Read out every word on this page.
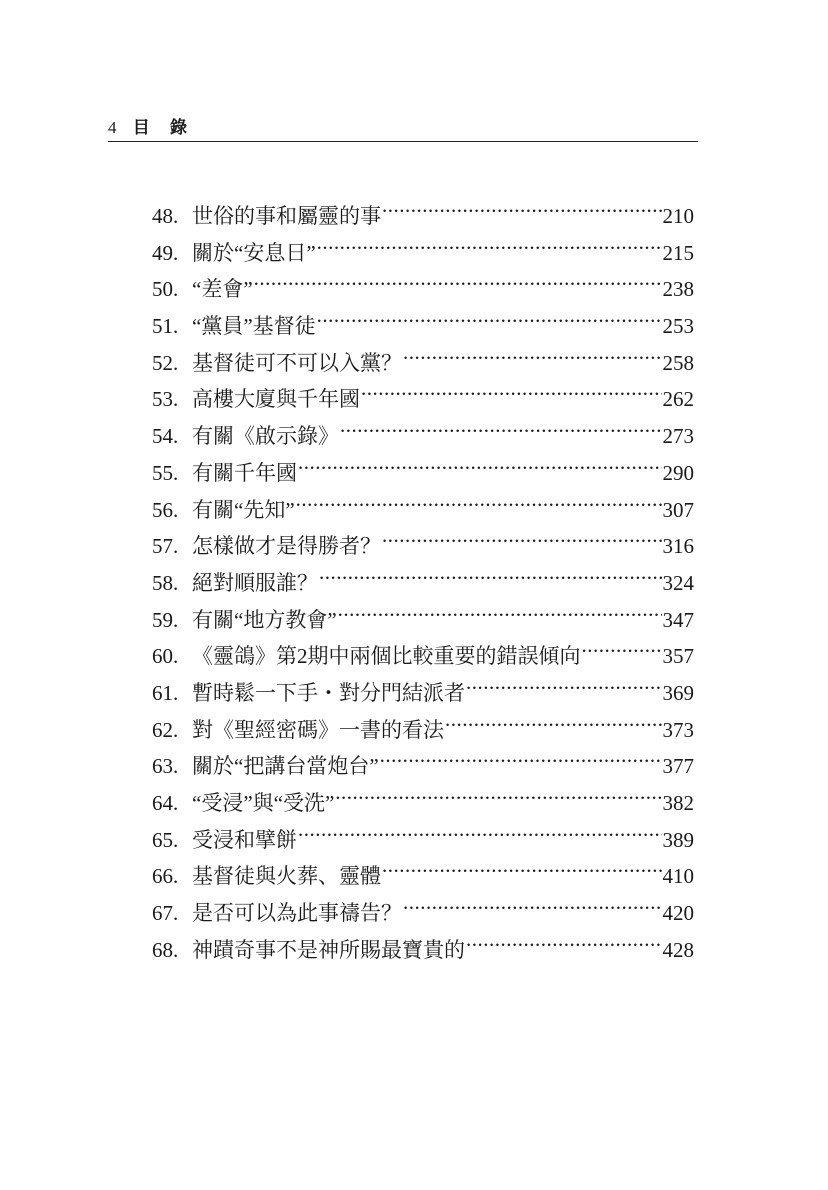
4 目 錄
48. 世俗的事和屬靈的事 .....	210
49. 關於“安息日” .....	215
50. “差會” .....	238
51. “黨員”基督徒 .....	253
52. 基督徒可不可以入黨？ .....	258
53. 高樓大廈與千年國 .....	262
54. 有關《啟示錄》 .....	273
55. 有關千年國 .....	290
56. 有關“先知” .....	307
57. 怎樣做才是得勝者？ .....	316
58. 絕對順服誰？ .....	324
59. 有關“地方教會” .....	347
60. 《靈鴿》第2期中兩個比較重要的錯誤傾向 .....	357
61. 暫時鬆一下手・對分門結派者 .....	369
62. 對《聖經密碼》一書的看法 .....	373
63. 關於“把講台當炮台” .....	377
64. “受浸”與“受洗” .....	382
65. 受浸和擘餅 .....	389
66. 基督徒與火葬、靈體 .....	410
67. 是否可以為此事禱告？ .....	420
68. 神蹟奇事不是神所賜最寶貴的 .....	428
